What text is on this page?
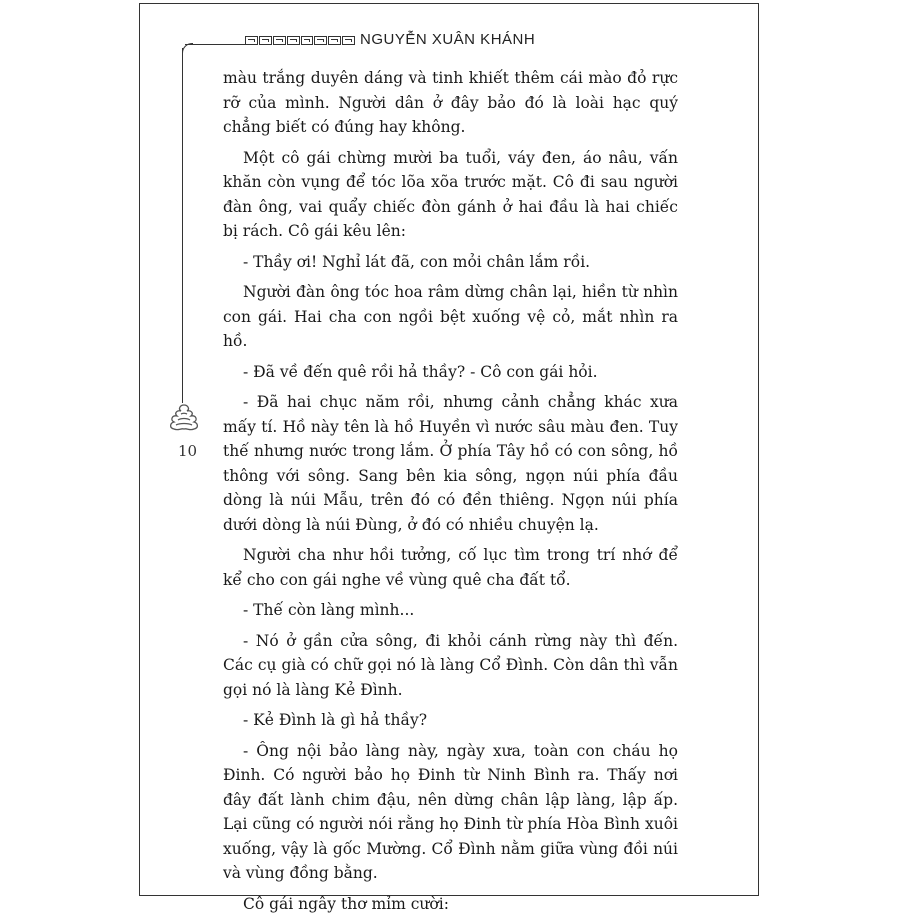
NGUYỄN XUÂN KHÁNH
10

màu trắng duyên dáng và tinh khiết thêm cái mào đỏ rực rỡ của mình. Người dân ở đây bảo đó là loài hạc quý chẳng biết có đúng hay không.

Một cô gái chừng mười ba tuổi, váy đen, áo nâu, vấn khăn còn vụng để tóc lõa xõa trước mặt. Cô đi sau người đàn ông, vai quẩy chiếc đòn gánh ở hai đầu là hai chiếc bị rách. Cô gái kêu lên:

- Thầy ơi! Nghỉ lát đã, con mỏi chân lắm rồi.

Người đàn ông tóc hoa râm dừng chân lại, hiền từ nhìn con gái. Hai cha con ngồi bệt xuống vệ cỏ, mắt nhìn ra hồ.

- Đã về đến quê rồi hả thầy? - Cô con gái hỏi.

- Đã hai chục năm rồi, nhưng cảnh chẳng khác xưa mấy tí. Hồ này tên là hồ Huyền vì nước sâu màu đen. Tuy thế nhưng nước trong lắm. Ở phía Tây hồ có con sông, hồ thông với sông. Sang bên kia sông, ngọn núi phía đầu dòng là núi Mẫu, trên đó có đền thiêng. Ngọn núi phía dưới dòng là núi Đùng, ở đó có nhiều chuyện lạ.

Người cha như hồi tưởng, cố lục tìm trong trí nhớ để kể cho con gái nghe về vùng quê cha đất tổ.

- Thế còn làng mình...

- Nó ở gần cửa sông, đi khỏi cánh rừng này thì đến. Các cụ già có chữ gọi nó là làng Cổ Đình. Còn dân thì vẫn gọi nó là làng Kẻ Đình.

- Kẻ Đình là gì hả thầy?

- Ông nội bảo làng này, ngày xưa, toàn con cháu họ Đinh. Có người bảo họ Đinh từ Ninh Bình ra. Thấy nơi đây đất lành chim đậu, nên dừng chân lập làng, lập ấp. Lại cũng có người nói rằng họ Đinh từ phía Hòa Bình xuôi xuống, vậy là gốc Mường. Cổ Đình nằm giữa vùng đồi núi và vùng đồng bằng.

Cô gái ngây thơ mỉm cười:
